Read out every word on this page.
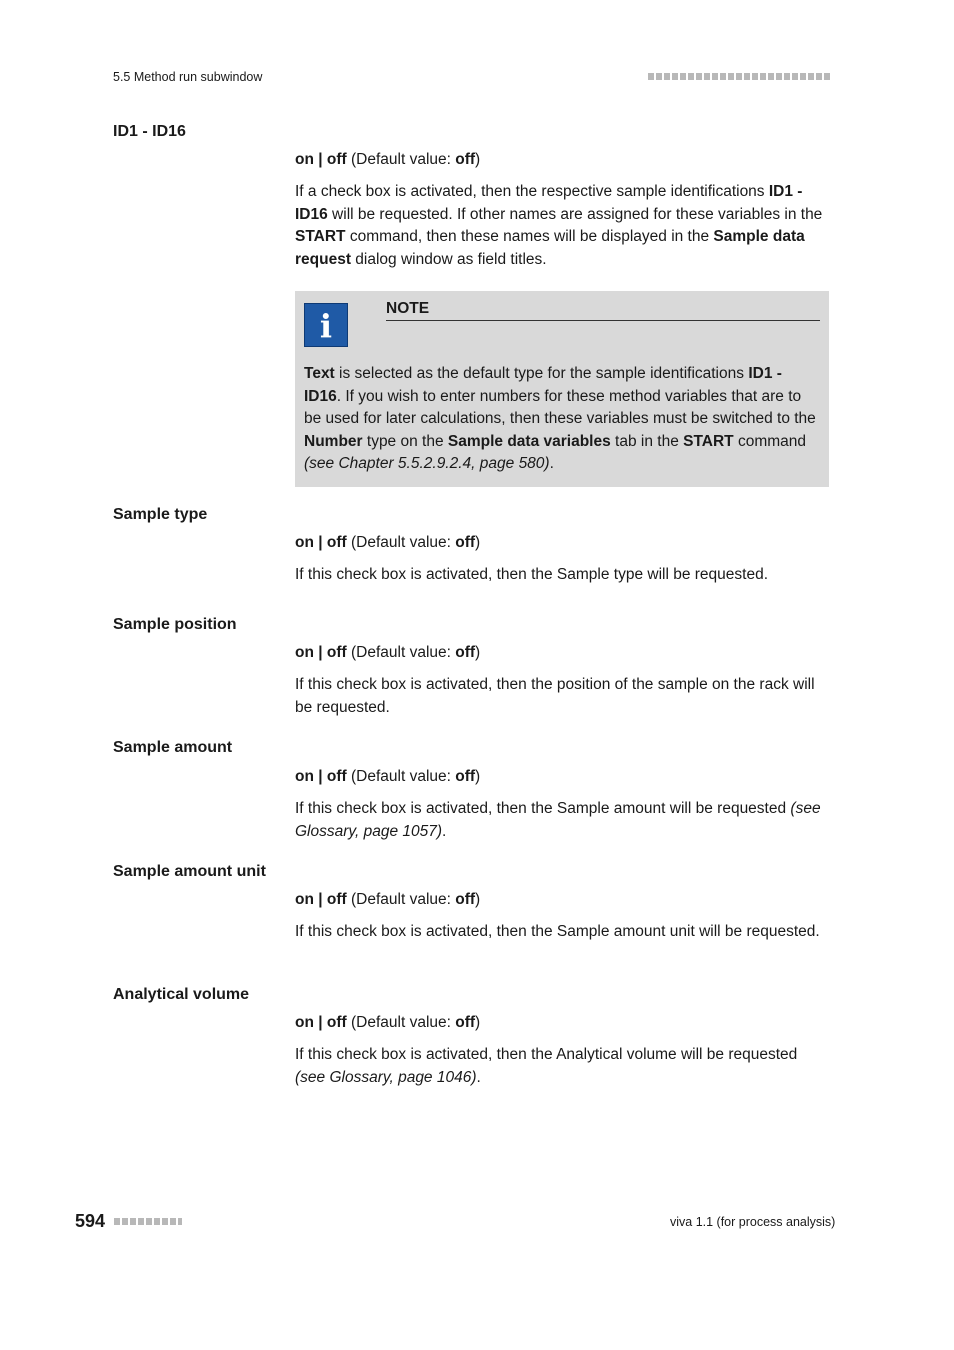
5.5 Method run subwindow
ID1 - ID16

on | off (Default value: off)

If a check box is activated, then the respective sample identifications ID1 - ID16 will be requested. If other names are assigned for these variables in the START command, then these names will be displayed in the Sample data request dialog window as field titles.

i	NOTE
Text is selected as the default type for the sample identifications ID1 - ID16. If you wish to enter numbers for these method variables that are to be used for later calculations, then these variables must be switched to the Number type on the Sample data variables tab in the START command (see Chapter 5.5.2.9.2.4, page 580).
Sample type

on | off (Default value: off)

If this check box is activated, then the Sample type will be requested.
Sample position

on | off (Default value: off)

If this check box is activated, then the position of the sample on the rack will be requested.
Sample amount

on | off (Default value: off)

If this check box is activated, then the Sample amount will be requested (see Glossary, page 1057).

Sample amount unit

on | off (Default value: off)

If this check box is activated, then the Sample amount unit will be requested.
Analytical volume

on | off (Default value: off)

If this check box is activated, then the Analytical volume will be requested (see Glossary, page 1046).

594	viva 1.1 (for process analysis)
